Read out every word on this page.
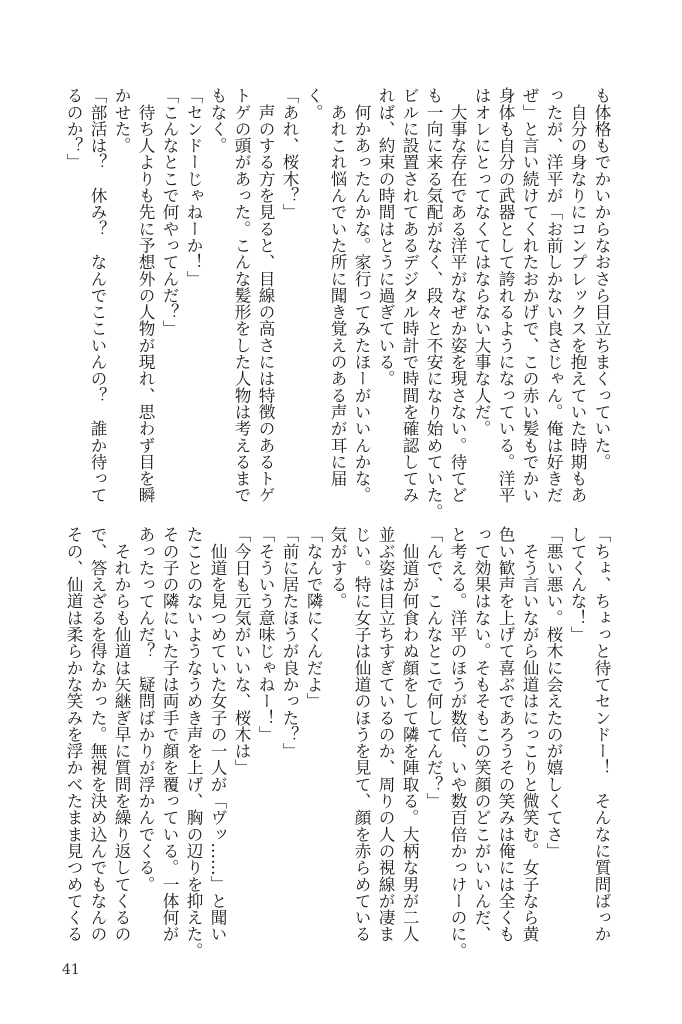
も体格もでかいからなおさら目立ちまくっていた。
　自分の身なりにコンプレックスを抱えていた時期もあ
ったが、洋平が「お前しかない良さじゃん。俺は好きだ
ぜ」と言い続けてくれたおかげで、この赤い髪もでかい
身体も自分の武器として誇れるようになっている。洋平
はオレにとってなくてはならない大事な人だ。
　大事な存在である洋平がなぜか姿を現さない。待てど
も一向に来る気配がなく、段々と不安になり始めていた。
ビルに設置されてあるデジタル時計で時間を確認してみ
れば、約束の時間はとうに過ぎている。
　何かあったんかな。家行ってみたほーがいいんかな。
　あれこれ悩んでいた所に聞き覚えのある声が耳に届
く。
「あれ、桜木？」
　声のする方を見ると、目線の高さには特徴のあるトゲ
トゲの頭があった。こんな髪形をした人物は考えるまで
もなく。
「センドーじゃねーか！」
「こんなとこで何やってんだ？」
　待ち人よりも先に予想外の人物が現れ、思わず目を瞬
かせた。
「部活は？　休み？　なんでここいんの？　誰か待って
るのか？」
「ちょ、ちょっと待てセンドー！　そんなに質問ばっか
してくんな！」
「悪い悪い。桜木に会えたのが嬉しくてさ」
　そう言いながら仙道はにっこりと微笑む。女子なら黄
色い歓声を上げて喜ぶであろうその笑みは俺には全くも
って効果はない。そもそもこの笑顔のどこがいいんだ、
と考える。洋平のほうが数倍、いや数百倍かっけーのに。
「んで、こんなとこで何してんだ？」
　仙道が何食わぬ顔をして隣を陣取る。大柄な男が二人
並ぶ姿は目立ちすぎているのか、周りの人の視線が凄ま
じい。特に女子は仙道のほうを見て、顔を赤らめている
気がする。
「なんで隣にくんだよ」
「前に居たほうが良かった？」
「そういう意味じゃねー！」
「今日も元気がいいな、桜木は」
　仙道を見つめていた女子の一人が「ヴッ……」と聞い
たことのないようなうめき声を上げ、胸の辺りを抑えた。
その子の隣にいた子は両手で顔を覆っている。一体何が
あったってんだ？　疑問ばかりが浮かんでくる。
　それからも仙道は矢継ぎ早に質問を繰り返してくるの
で、答えざるを得なかった。無視を決め込んでもなんの
その、仙道は柔らかな笑みを浮かべたまま見つめてくる
41
